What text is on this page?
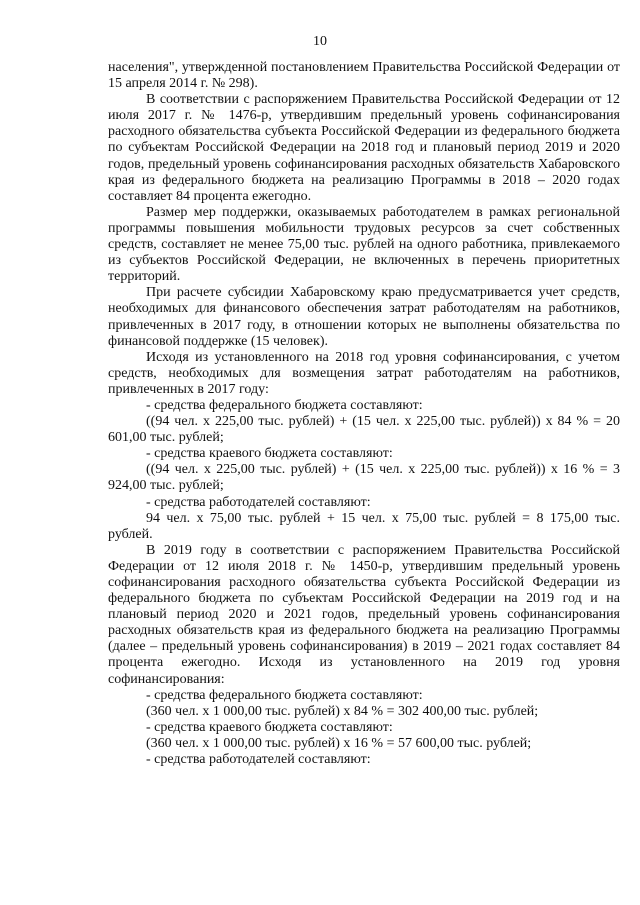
10

населения", утвержденной постановлением Правительства Российской Федерации от 15 апреля 2014 г. № 298).

В соответствии с распоряжением Правительства Российской Федерации от 12 июля 2017 г. № 1476-р, утвердившим предельный уровень софинансирования расходного обязательства субъекта Российской Федерации из федерального бюджета по субъектам Российской Федерации на 2018 год и плановый период 2019 и 2020 годов, предельный уровень софинансирования расходных обязательств Хабаровского края из федерального бюджета на реализацию Программы в 2018 – 2020 годах составляет 84 процента ежегодно.

Размер мер поддержки, оказываемых работодателем в рамках региональной программы повышения мобильности трудовых ресурсов за счет собственных средств, составляет не менее 75,00 тыс. рублей на одного работника, привлекаемого из субъектов Российской Федерации, не включенных в перечень приоритетных территорий.

При расчете субсидии Хабаровскому краю предусматривается учет средств, необходимых для финансового обеспечения затрат работодателям на работников, привлеченных в 2017 году, в отношении которых не выполнены обязательства по финансовой поддержке (15 человек).

Исходя из установленного на 2018 год уровня софинансирования, с учетом средств, необходимых для возмещения затрат работодателям на работников, привлеченных в 2017 году:

- средства федерального бюджета составляют:

((94 чел. х 225,00 тыс. рублей) + (15 чел. х 225,00 тыс. рублей)) х 84 % = 20 601,00 тыс. рублей;

- средства краевого бюджета составляют:

((94 чел. х 225,00 тыс. рублей) + (15 чел. х 225,00 тыс. рублей)) х 16 % = 3 924,00 тыс. рублей;

- средства работодателей составляют:

94 чел. х 75,00 тыс. рублей + 15 чел. х 75,00 тыс. рублей = 8 175,00 тыс. рублей.

В 2019 году в соответствии с распоряжением Правительства Российской Федерации от 12 июля 2018 г. № 1450-р, утвердившим предельный уровень софинансирования расходного обязательства субъекта Российской Федерации из федерального бюджета по субъектам Российской Федерации на 2019 год и на плановый период 2020 и 2021 годов, предельный уровень софинансирования расходных обязательств края из федерального бюджета на реализацию Программы (далее – предельный уровень софинансирования) в 2019 – 2021 годах составляет 84 процента ежегодно. Исходя из установленного на 2019 год уровня софинансирования:

- средства федерального бюджета составляют:

(360 чел. х 1 000,00 тыс. рублей) х 84 % = 302 400,00 тыс. рублей;

- средства краевого бюджета составляют:

(360 чел. х 1 000,00 тыс. рублей) х 16 % = 57 600,00 тыс. рублей;

- средства работодателей составляют:
